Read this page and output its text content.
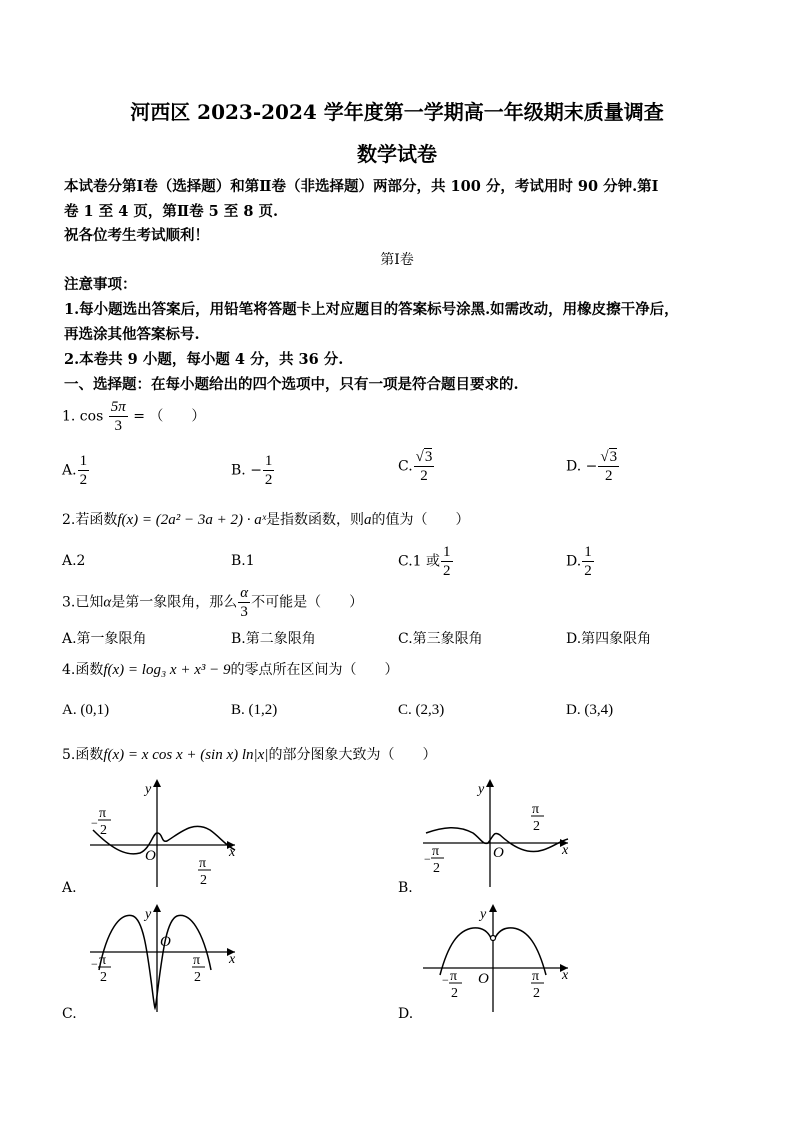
河西区 2023-2024 学年度第一学期高一年级期末质量调查
数学试卷
本试卷分第Ⅰ卷（选择题）和第Ⅱ卷（非选择题）两部分，共 100 分，考试用时 90 分钟.第Ⅰ
卷 1 至 4 页，第Ⅱ卷 5 至 8 页.
祝各位考生考试顺利！
第Ⅰ卷
注意事项：
1.每小题选出答案后，用铅笔将答题卡上对应题目的答案标号涂黑.如需改动，用橡皮擦干净后，
再选涂其他答案标号.
2.本卷共 9 小题，每小题 4 分，共 36 分.
一、选择题：在每小题给出的四个选项中，只有一项是符合题目要求的.
1. $\cos \frac{5\pi}{3}$ = （　　）
A. $\frac{1}{2}$	B. − $\frac{1}{2}$	C. $\frac{√3}{2}$	D. − $\frac{√3}{2}$
2.若函数f(x) = (2a² − 3a + 2) · aˣ是指数函数，则a的值为（　　）
A.2	B.1	C.1 或 $\frac{1}{2}$	D. $\frac{1}{2}$
3.已知α是第一象限角，那么 $\frac{\alpha}{3}$ 不可能是（　　）
A.第一象限角	B.第二象限角	C.第三象限角	D.第四象限角
4.函数f(x) = log₃ x + x³ − 9的零点所在区间为（　　）
A. (0,1)	B. (1,2)	C. (2,3)	D. (3,4)
5.函数f(x) = x cos x + (sin x) ln|x|的部分图象大致为（　　）
y
x
O
−
π
2
π
2
A.
y
x
O
π
2
− π
2
B.
y
x
O
− π
2
π
2
C.
y
x
O
− π
2
π
2
D.
